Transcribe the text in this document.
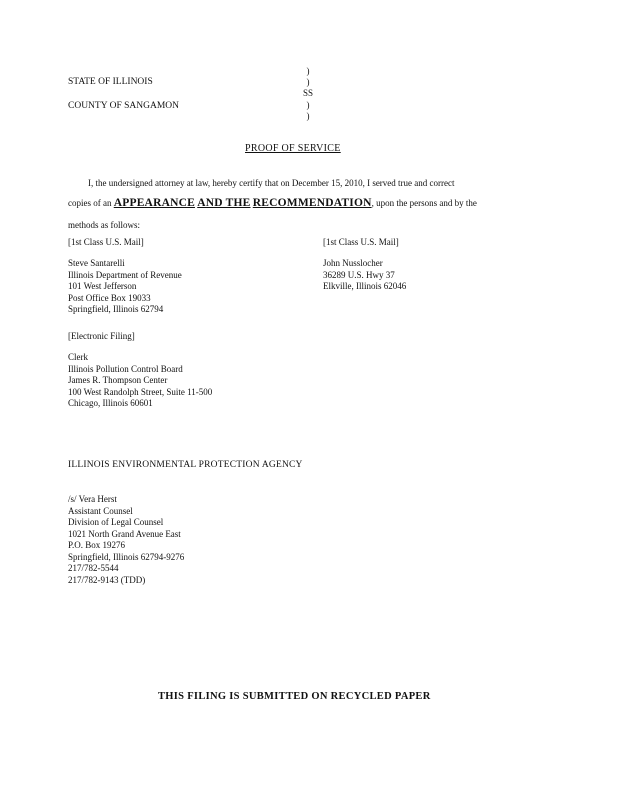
STATE OF ILLINOIS
COUNTY OF SANGAMON
)
)
SS
)
)
PROOF OF SERVICE
I, the undersigned attorney at law, hereby certify that on December 15, 2010, I served true and correct
copies of an APPEARANCE AND THE RECOMMENDATION, upon the persons and by the
methods as follows:
[1st Class U.S. Mail]
Steve Santarelli
Illinois Department of Revenue
101 West Jefferson
Post Office Box 19033
Springfield, Illinois 62794
[1st Class U.S. Mail]
John Nusslocher
36289 U.S. Hwy 37
Elkville, Illinois 62046
[Electronic Filing]
Clerk
Illinois Pollution Control Board
James R. Thompson Center
100 West Randolph Street, Suite 11-500
Chicago, Illinois 60601
ILLINOIS ENVIRONMENTAL PROTECTION AGENCY
/s/ Vera Herst
Assistant Counsel
Division of Legal Counsel
1021 North Grand Avenue East
P.O. Box 19276
Springfield, Illinois 62794-9276
217/782-5544
217/782-9143 (TDD)
THIS FILING IS SUBMITTED ON RECYCLED PAPER
